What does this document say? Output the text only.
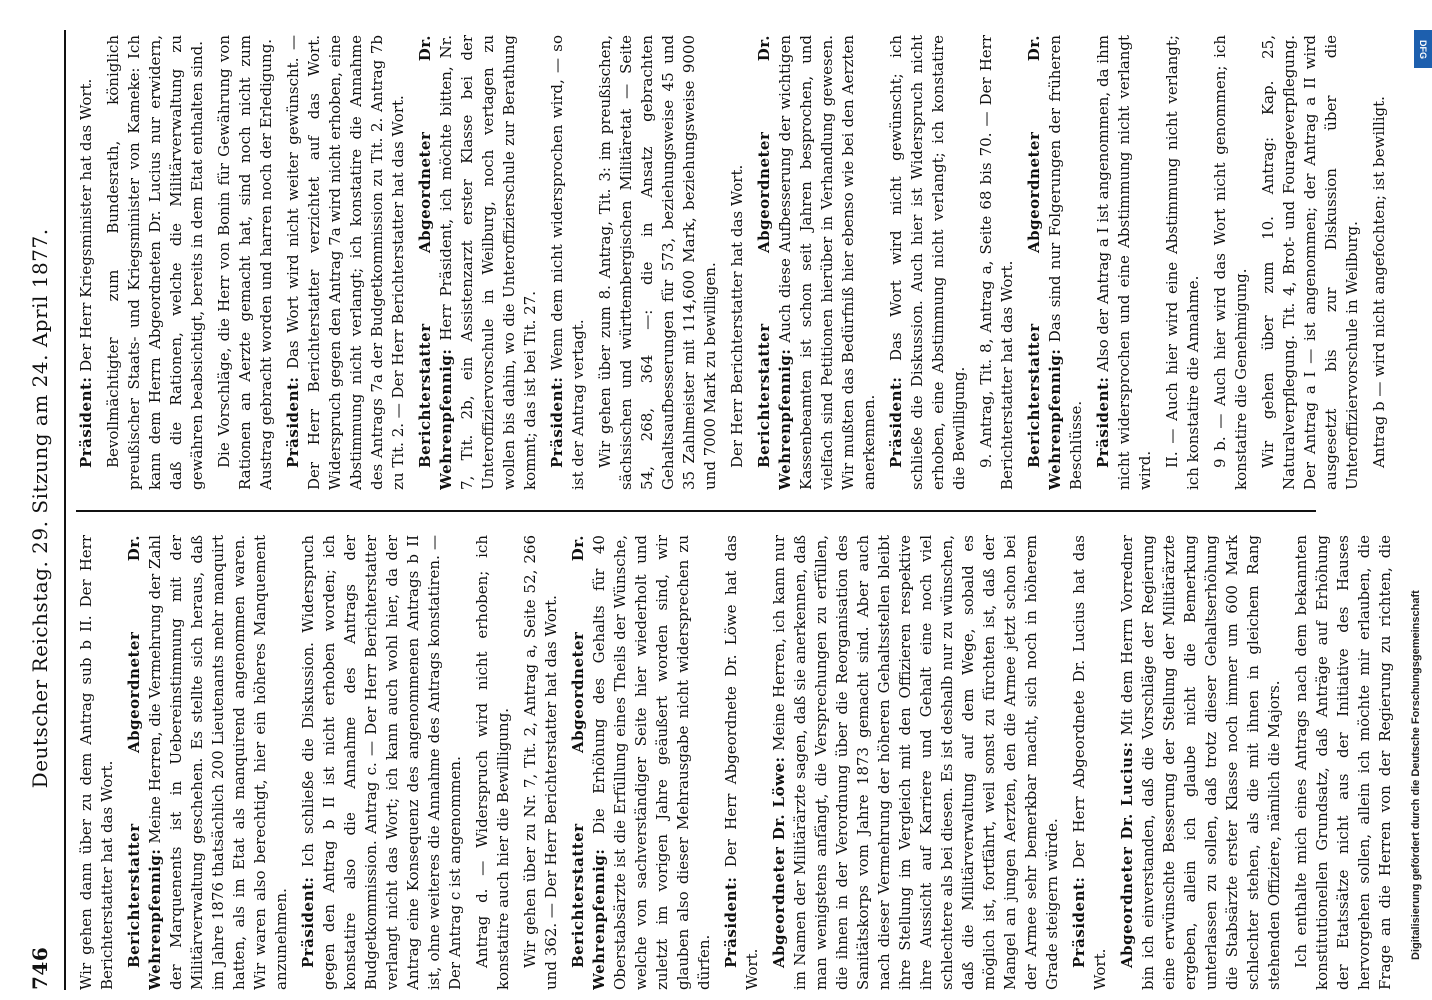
746
Deutscher Reichstag. 29. Sitzung am 24. April 1877. Wir gehen dann über zu dem Antrag sub b II. Der Herr Berichterstatter hat das Wort. Berichterstatter Abgeordneter Dr. Wehrenpfennig: Meine Herren, die Vermehrung der Zahl der Marquenents ist in Uebereinstimmung mit der Militärverwaltung geschehen. Es stellte sich heraus, daß im Jahre 1876 thatsächlich 200 Lieutenants mehr manquirt hatten, als im Etat als manquirend angenommen waren. Wir waren also berechtigt, hier ein höheres Manquement anzunehmen. Präsident: Ich schließe die Diskussion. Widerspruch gegen den Antrag b II ist nicht erhoben worden; ich konstatire also die Annahme des Antrags der Budgetkommission. Antrag c. — Der Herr Berichterstatter verlangt nicht das Wort; ich kann auch wohl hier, da der Antrag eine Konsequenz des angenommenen Antrags b II ist, ohne weiteres die Annahme des Antrags konstatiren. — Der Antrag c ist angenommen. Antrag d. — Widerspruch wird nicht erhoben; ich konstatire auch hier die Bewilligung. Wir gehen über zu Nr. 7, Tit. 2, Antrag a, Seite 52, 266 und 362. — Der Herr Berichterstatter hat das Wort. Berichterstatter Abgeordneter Dr. Wehrenpfennig: Die Erhöhung des Gehalts für 40 Oberstabsärzte ist die Erfüllung eines Theils der Wünsche, welche von sachverständiger Seite hier wiederholt und zuletzt im vorigen Jahre geäußert worden sind, wir glauben also dieser Mehrausgabe nicht widersprechen zu dürfen. Präsident: Der Herr Abgeordnete Dr. Löwe hat das Wort.

Abgeordneter Dr. Löwe: Meine Herren, ich kann nur im Namen der Militärärzte sagen, daß sie anerkennen, daß man wenigstens anfängt, die Versprechungen zu erfüllen, die ihnen in der Verordnung über die Reorganisation des Sanitätskorps vom Jahre 1873 gemacht sind. Aber auch nach dieser Vermehrung der höheren Gehaltsstellen bleibt ihre Stellung im Vergleich mit den Offizieren respektive ihre Aussicht auf Karriere und Gehalt eine noch viel schlechtere als bei diesen. Es ist deshalb nur zu wünschen, daß die Militärverwaltung auf dem Wege, sobald es möglich ist, fortfährt, weil sonst zu fürchten ist, daß der Mangel an jungen Aerzten, den die Armee jetzt schon bei der Armee sehr bemerkbar macht, sich noch in höherem Grade steigern würde. Präsident: Der Herr Abgeordnete Dr. Lucius hat das Wort.

Abgeordneter Dr. Lucius: Mit dem Herrn Vorredner bin ich einverstanden, daß die Vorschläge der Regierung eine erwünschte Besserung der Stellung der Militärärzte ergeben, allein ich glaube nicht die Bemerkung unterlassen zu sollen, daß trotz dieser Gehaltserhöhung die Stabsärzte erster Klasse noch immer um 600 Mark schlechter stehen, als die mit ihnen in gleichem Rang stehenden Offiziere, nämlich die Majors. Ich enthalte mich eines Antrags nach dem bekannten konstitutionellen Grundsatz, daß Anträge auf Erhöhung der Etatssätze nicht aus der Initiative des Hauses hervorgehen sollen, allein ich möchte mir erlauben, die Frage an die Herren von der Regierung zu richten, die

Präsident: Der Herr Kriegsminister hat das Wort. Bevollmächtigter zum Bundesrath, königlich preußischer Staats- und Kriegsminister von Kameke: Ich kann dem Herrn Abgeordneten Dr. Lucius nur erwidern, daß die Rationen, welche die Militärverwaltung zu gewähren beabsichtigt, bereits in dem Etat enthalten sind. Die Vorschläge, die Herr von Bonin für Gewährung von Rationen an Aerzte gemacht hat, sind noch nicht zum Austrag gebracht worden und harren noch der Erledigung. Präsident: Das Wort wird nicht weiter gewünscht. — Der Herr Berichterstatter verzichtet auf das Wort. Widerspruch gegen den Antrag 7a wird nicht erhoben, eine Abstimmung nicht verlangt; ich konstatire die Annahme des Antrags 7a der Budgetkommission zu Tit. 2. Antrag 7b zu Tit. 2. — Der Herr Berichterstatter hat das Wort. Berichterstatter Abgeordneter Dr. Wehrenpfennig: Herr Präsident, ich möchte bitten, Nr. 7, Tit. 2b, ein Assistenzarzt erster Klasse bei der Unteroffiziervorschule in Weilburg, noch vertagen zu wollen bis dahin, wo die Unteroffizierschule zur Berathung kommt; das ist bei Tit. 27. Präsident: Wenn dem nicht widersprochen wird, — so ist der Antrag vertagt. Wir gehen über zum 8. Antrag, Tit. 3: im preußischen, sächsischen und württembergischen Militäretat — Seite 54, 268, 364 —: die in Ansatz gebrachten Gehaltsaufbesserungen für 573, beziehungsweise 45 und 35 Zahlmeister mit 114,600 Mark, beziehungsweise 9000 und 7000 Mark zu bewilligen. Der Herr Berichterstatter hat das Wort. Berichterstatter Abgeordneter Dr. Wehrenpfennig: Auch diese Aufbesserung der wichtigen Kassenbeamten ist schon seit Jahren besprochen, und vielfach sind Petitionen hierüber in Verhandlung gewesen. Wir mußten das Bedürfniß hier ebenso wie bei den Aerzten anerkennen. Präsident: Das Wort wird nicht gewünscht; ich schließe die Diskussion. Auch hier ist Widerspruch nicht erhoben, eine Abstimmung nicht verlangt; ich konstatire die Bewilligung. 9. Antrag, Tit. 8, Antrag a, Seite 68 bis 70. — Der Herr Berichterstatter hat das Wort. Berichterstatter Abgeordneter Dr. Wehrenpfennig: Das sind nur Folgerungen der früheren Beschlüsse. Präsident: Also der Antrag a I ist angenommen, da ihm nicht widersprochen und eine Abstimmung nicht verlangt wird.

II. — Auch hier wird eine Abstimmung nicht verlangt; ich konstatire die Annahme. 9 b. — Auch hier wird das Wort nicht genommen; ich konstatire die Genehmigung. Wir gehen über zum 10. Antrag: Kap. 25, Naturalverpflegung. Tit. 4, Brot- und Fourageverpflegung. Der Antrag a I — ist angenommen; der Antrag a II wird ausgesetzt bis zur Diskussion über die Unteroffiziervorschule in Weilburg. Antrag b — wird nicht angefochten; ist bewilligt.

DFG
Digitalisierung gefördert durch die Deutsche Forschungsgemeinschaft
